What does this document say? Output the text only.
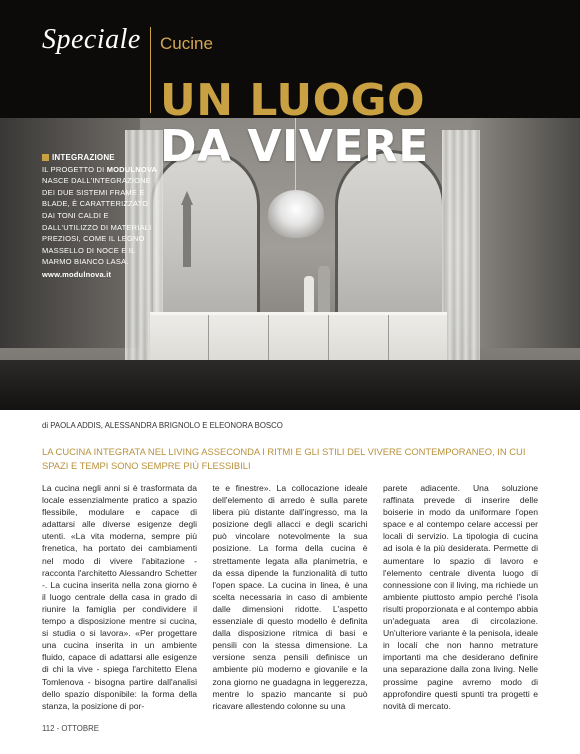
Speciale Cucine
UN LUOGO
DA VIVERE
INTEGRAZIONE
IL PROGETTO DI MODULNOVA NASCE DALL'INTEGRAZIONE DEI DUE SISTEMI FRAME E BLADE, È CARATTERIZZATO DAI TONI CALDI E DALL'UTILIZZO DI MATERIALI PREZIOSI, COME IL LEGNO MASSELLO DI NOCE E IL MARMO BIANCO LASA.
www.modulnova.it
di PAOLA ADDIS, ALESSANDRA BRIGNOLO E ELEONORA BOSCO
LA CUCINA INTEGRATA NEL LIVING ASSECONDA I RITMI E GLI STILI DEL VIVERE CONTEMPORANEO, IN CUI SPAZI E TEMPI SONO SEMPRE PIÙ FLESSIBILI

La cucina negli anni si è trasformata da locale essenzialmente pratico a spazio flessibile, modulare e capace di adattarsi alle diverse esigenze degli utenti. «La vita moderna, sempre più frenetica, ha portato dei cambiamenti nel modo di vivere l'abitazione - racconta l'architetto Alessandro Schetter -. La cucina inserita nella zona giorno è il luogo centrale della casa in grado di riunire la famiglia per condividere il tempo a disposizione mentre si cucina, si studia o si lavora». «Per progettare una cucina inserita in un ambiente fluido, capace di adattarsi alle esigenze di chi la vive - spiega l'architetto Elena Tomlenova - bisogna partire dall'analisi dello spazio disponibile: la forma della stanza, la posizione di por-

te e finestre». La collocazione ideale dell'elemento di arredo è sulla parete libera più distante dall'ingresso, ma la posizione degli allacci e degli scarichi può vincolare notevolmente la sua posizione. La forma della cucina è strettamente legata alla planimetria, e da essa dipende la funzionalità di tutto l'open space. La cucina in linea, è una scelta necessaria in caso di ambiente dalle dimensioni ridotte. L'aspetto essenziale di questo modello è definita dalla disposizione ritmica di basi e pensili con la stessa dimensione. La versione senza pensili definisce un ambiente più moderno e giovanile e la zona giorno ne guadagna in leggerezza, mentre lo spazio mancante si può ricavare allestendo colonne su una

parete adiacente. Una soluzione raffinata prevede di inserire delle boiserie in modo da uniformare l'open space e al contempo celare accessi per locali di servizio. La tipologia di cucina ad isola è la più desiderata. Permette di aumentare lo spazio di lavoro e l'elemento centrale diventa luogo di connessione con il living, ma richiede un ambiente piuttosto ampio perché l'isola risulti proporzionata e al contempo abbia un'adeguata area di circolazione. Un'ulteriore variante è la penisola, ideale in locali che non hanno metrature importanti ma che desiderano definire una separazione dalla zona living. Nelle prossime pagine avremo modo di approfondire questi spunti tra progetti e novità di mercato.

112 - OTTOBRE
